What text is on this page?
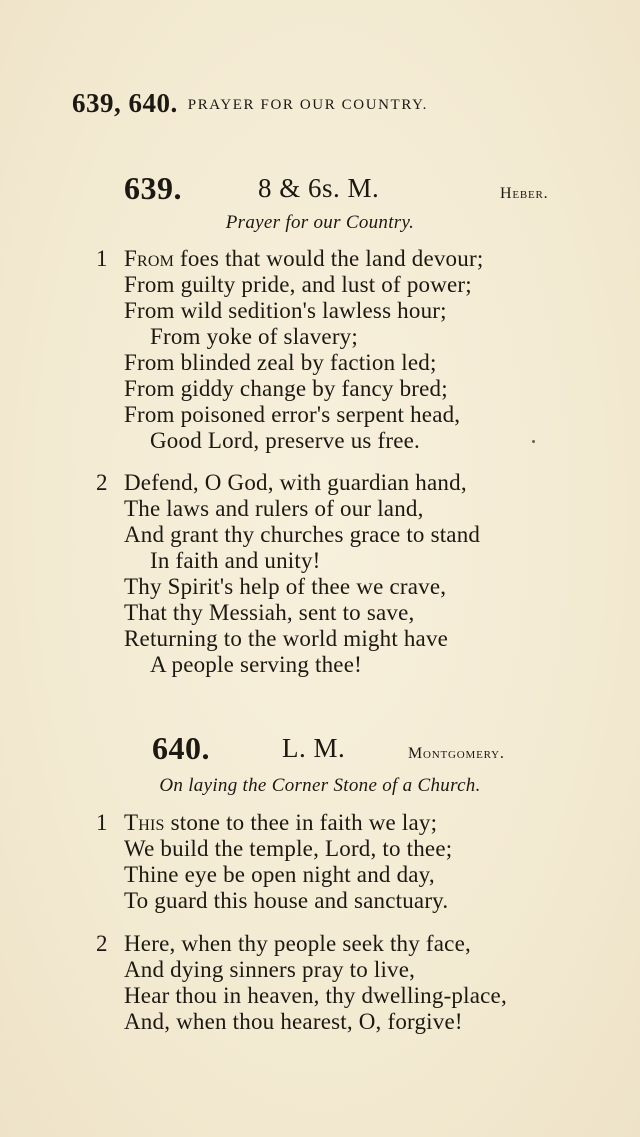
639, 640. PRAYER FOR OUR COUNTRY.
639.	8 & 6s. M.	Heber.
Prayer for our Country.
1 From foes that would the land devour;
From guilty pride, and lust of power;
From wild sedition's lawless hour;
From yoke of slavery;
From blinded zeal by faction led;
From giddy change by fancy bred;
From poisoned error's serpent head,
Good Lord, preserve us free.
2 Defend, O God, with guardian hand,
The laws and rulers of our land,
And grant thy churches grace to stand
In faith and unity!
Thy Spirit's help of thee we crave,
That thy Messiah, sent to save,
Returning to the world might have
A people serving thee!
640.	L. M.	Montgomery.
On laying the Corner Stone of a Church.
1 This stone to thee in faith we lay;
We build the temple, Lord, to thee;
Thine eye be open night and day,
To guard this house and sanctuary.
2 Here, when thy people seek thy face,
And dying sinners pray to live,
Hear thou in heaven, thy dwelling-place,
And, when thou hearest, O, forgive!
